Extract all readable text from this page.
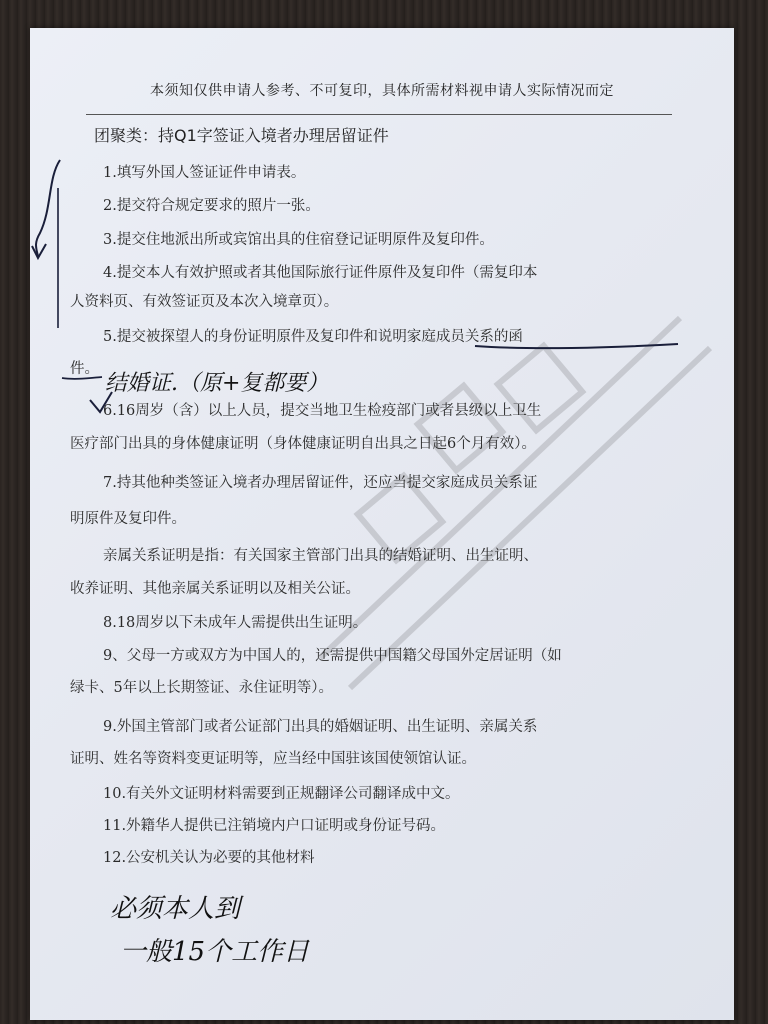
本须知仅供申请人参考、不可复印，具体所需材料视申请人实际情况而定
团聚类：持Q1字签证入境者办理居留证件
1.填写外国人签证证件申请表。
2.提交符合规定要求的照片一张。
3.提交住地派出所或宾馆出具的住宿登记证明原件及复印件。
4.提交本人有效护照或者其他国际旅行证件原件及复印件（需复印本
人资料页、有效签证页及本次入境章页）。
5.提交被探望人的身份证明原件及复印件和说明家庭成员关系的函
件。
6.16周岁（含）以上人员，提交当地卫生检疫部门或者县级以上卫生
医疗部门出具的身体健康证明（身体健康证明自出具之日起6个月有效）。
7.持其他种类签证入境者办理居留证件，还应当提交家庭成员关系证
明原件及复印件。
亲属关系证明是指：有关国家主管部门出具的结婚证明、出生证明、
收养证明、其他亲属关系证明以及相关公证。
8.18周岁以下未成年人需提供出生证明。
9、父母一方或双方为中国人的，还需提供中国籍父母国外定居证明（如
绿卡、5年以上长期签证、永住证明等）。
9.外国主管部门或者公证部门出具的婚姻证明、出生证明、亲属关系
证明、姓名等资料变更证明等，应当经中国驻该国使领馆认证。
10.有关外文证明材料需要到正规翻译公司翻译成中文。
11.外籍华人提供已注销境内户口证明或身份证号码。
12.公安机关认为必要的其他材料
结婚证.（原+复都要）
必须本人到
一般15个工作日
